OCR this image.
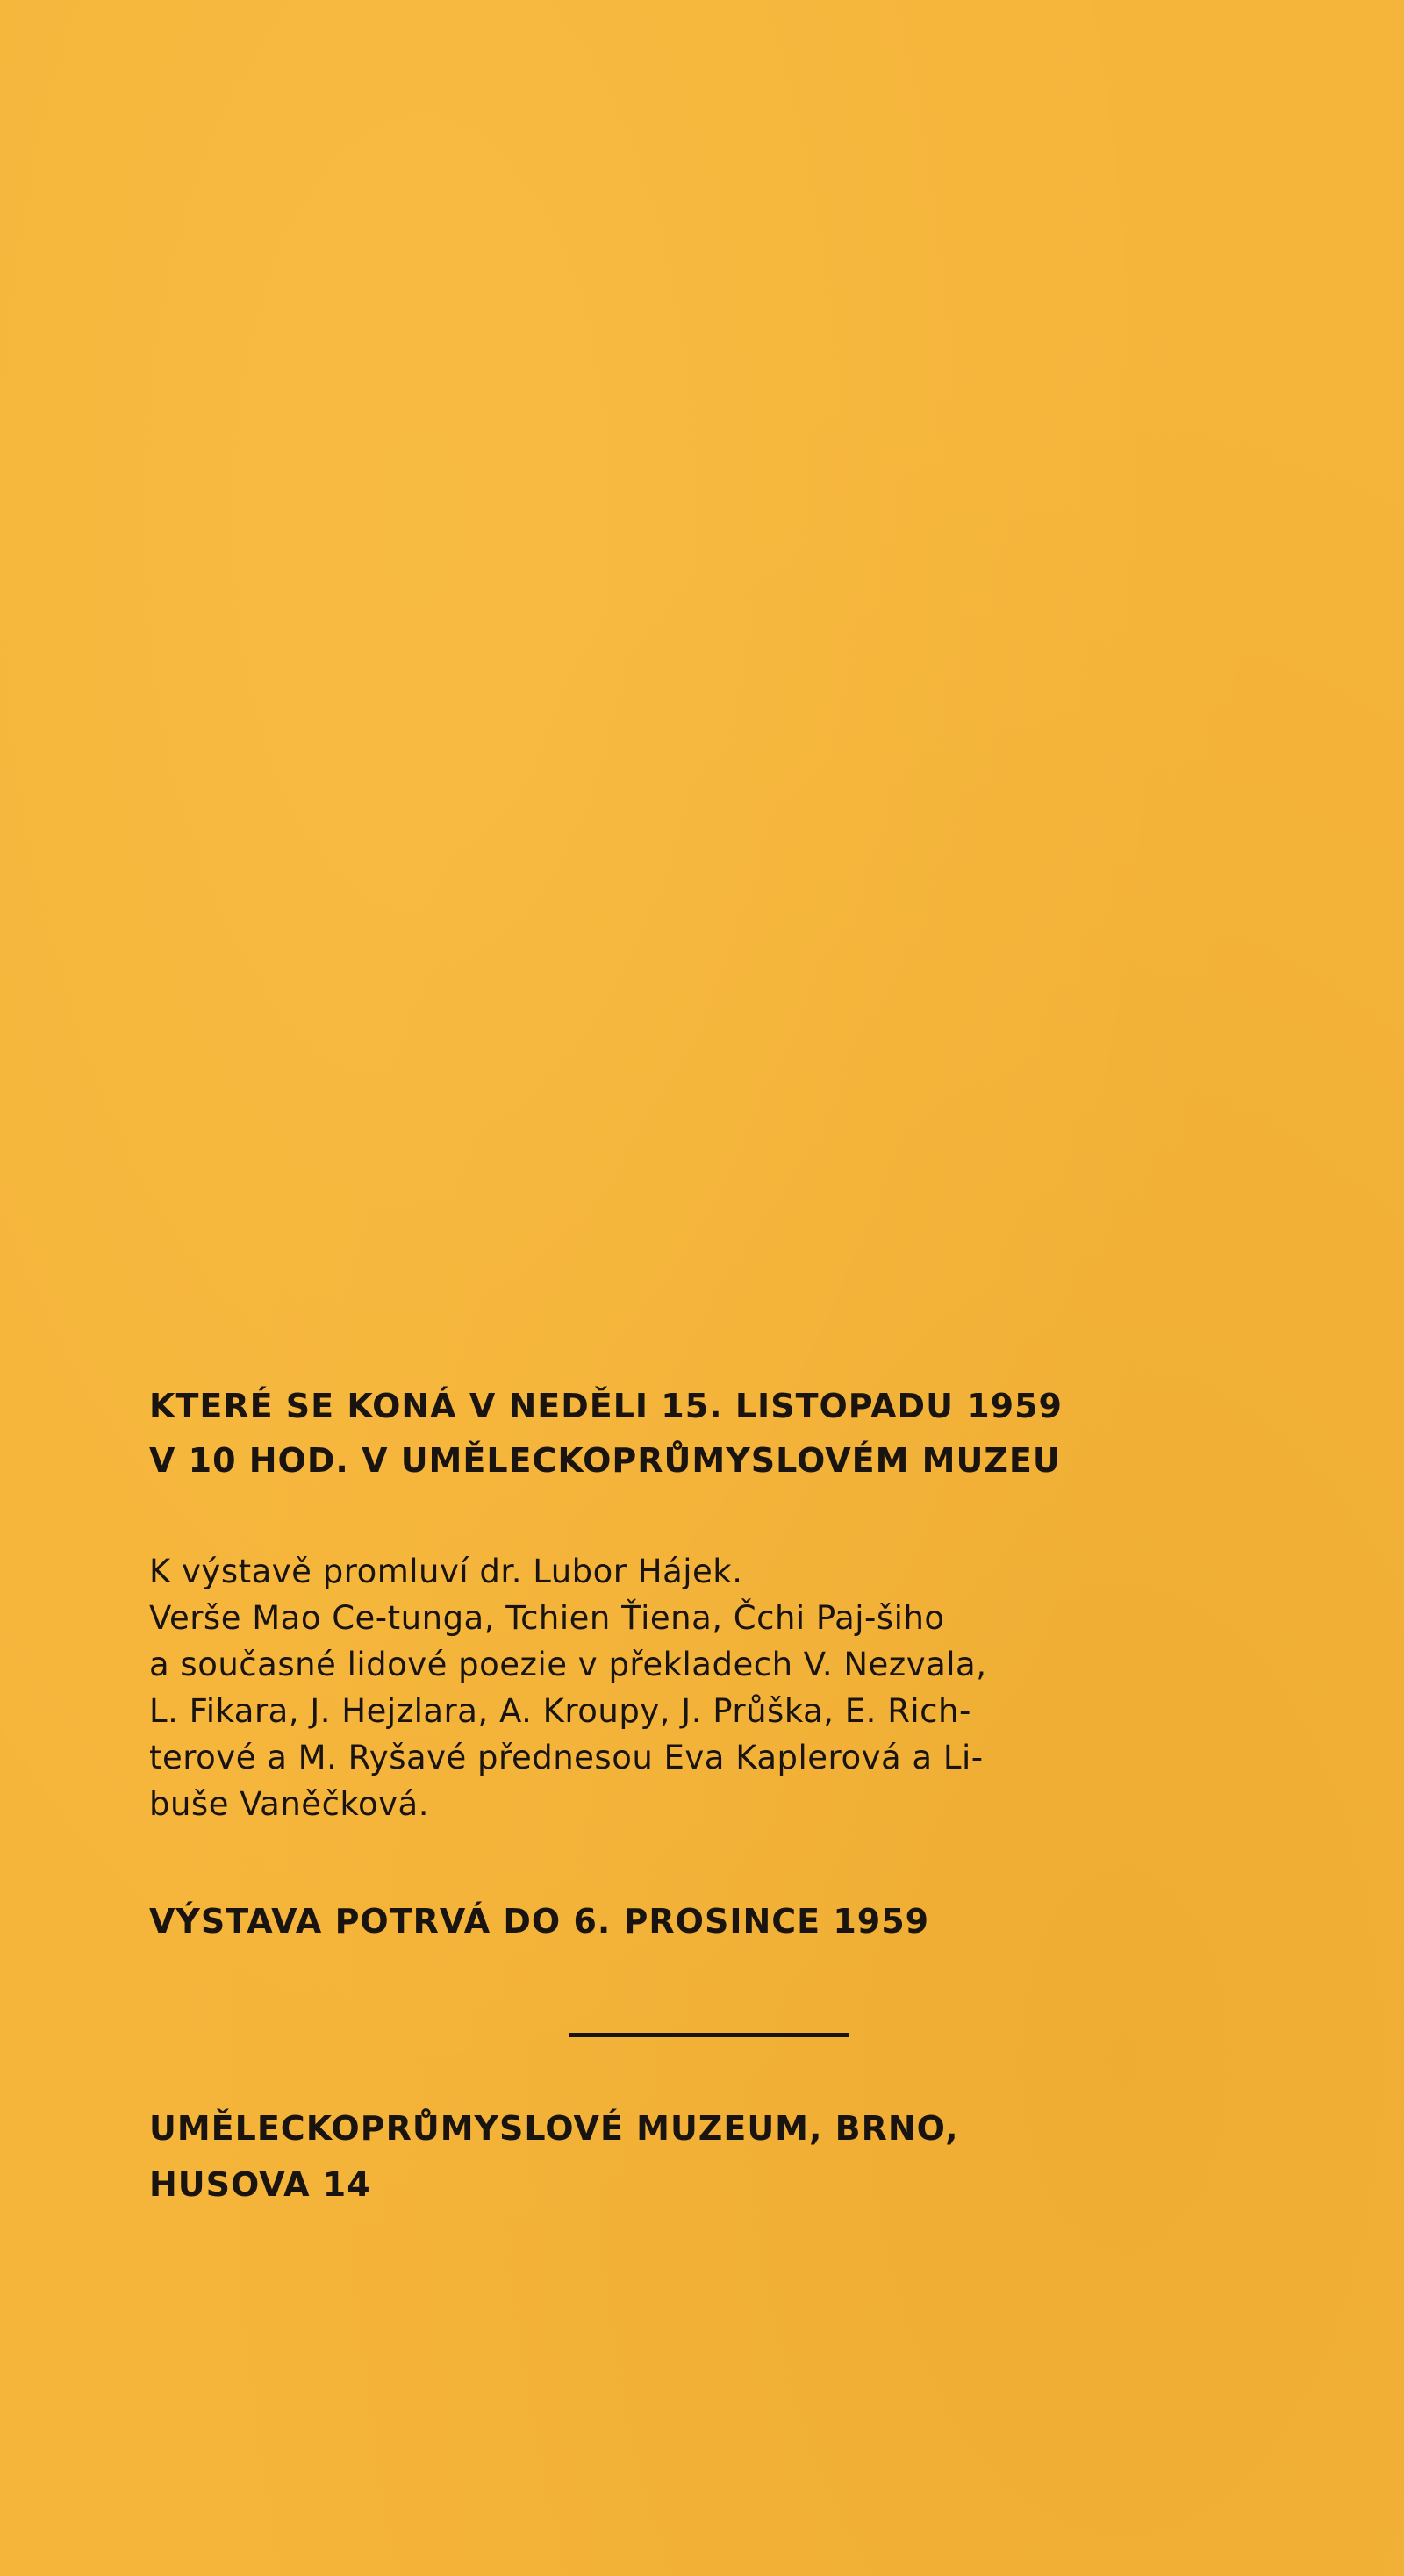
KTERÉ SE KONÁ V NEDĚLI 15. LISTOPADU 1959
V 10 HOD. V UMĚLECKOPRŮMYSLOVÉM MUZEU
K výstavě promluví dr. Lubor Hájek.
Verše Mao Ce-tunga, Tchien Ťiena, Čchi Paj-šiho
a současné lidové poezie v překladech V. Nezvala,
L. Fikara, J. Hejzlara, A. Kroupy, J. Průška, E. Rich-
terové a M. Ryšavé přednesou Eva Kaplerová a Li-
buše Vaněčková.
VÝSTAVA POTRVÁ DO 6. PROSINCE 1959
UMĚLECKOPRŮMYSLOVÉ MUZEUM, BRNO,
HUSOVA 14
